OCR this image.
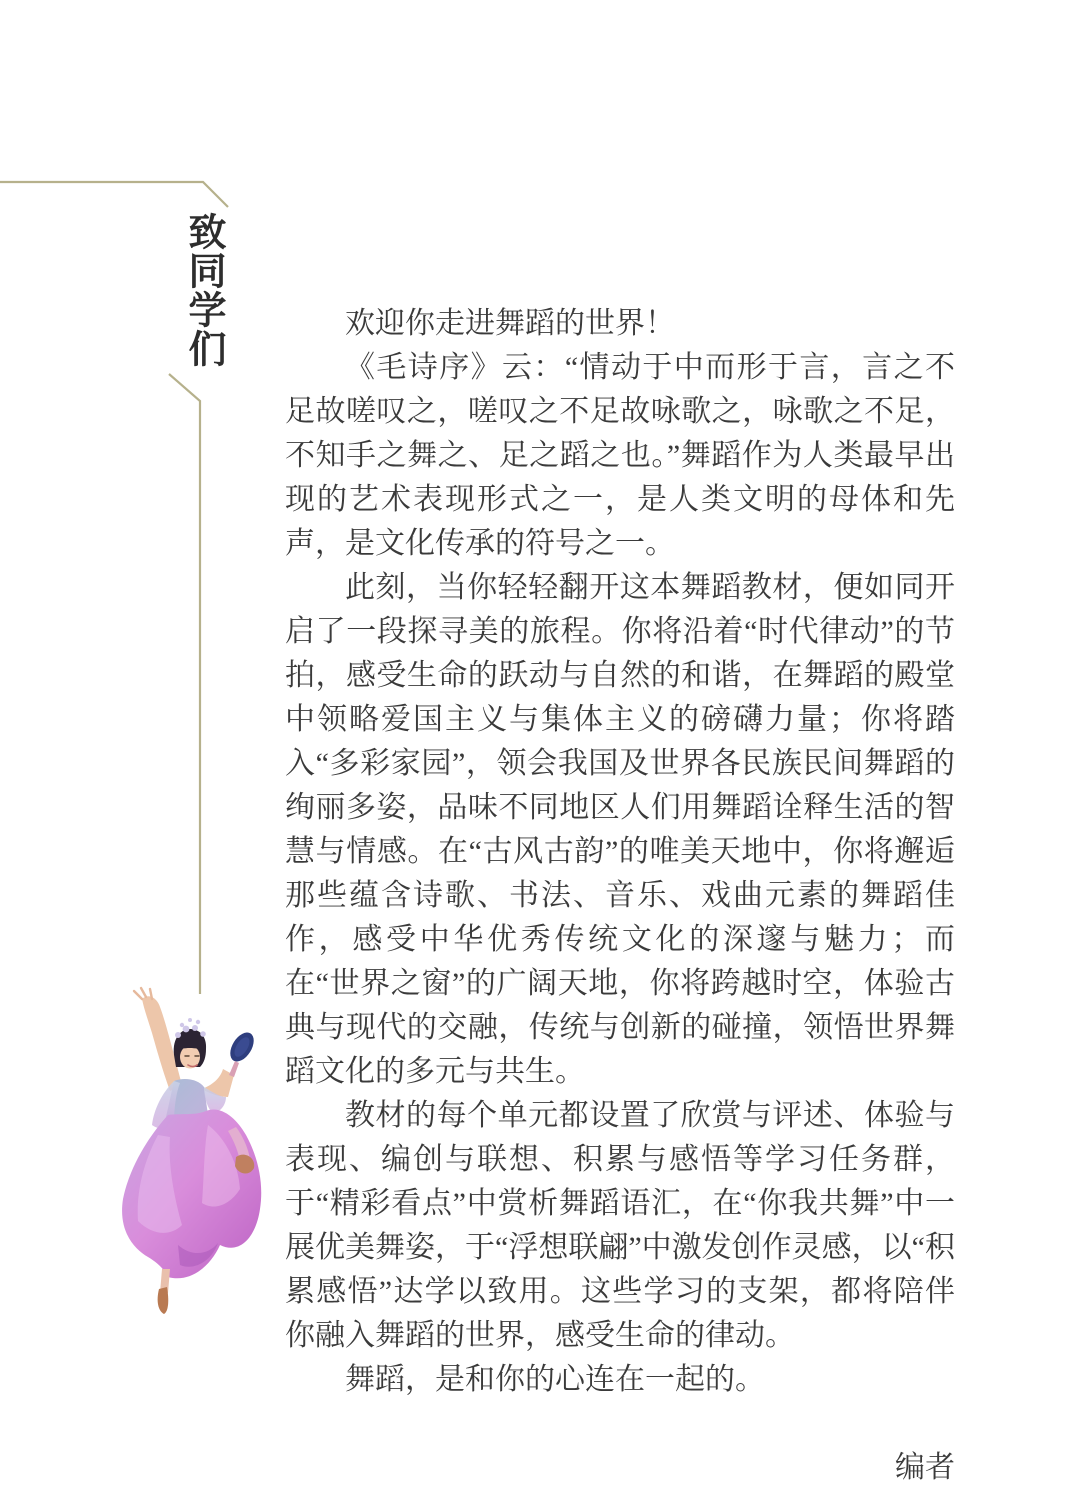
致同学们	欢迎你走进舞蹈的世界！

《毛诗序》云：“情动于中而形于言，言之不足故嗟叹之，嗟叹之不足故咏歌之，咏歌之不足，不知手之舞之、足之蹈之也。”舞蹈作为人类最早出现的艺术表现形式之一，是人类文明的母体和先声，是文化传承的符号之一。

此刻，当你轻轻翻开这本舞蹈教材，便如同开启了一段探寻美的旅程。你将沿着“时代律动”的节拍，感受生命的跃动与自然的和谐，在舞蹈的殿堂中领略爱国主义与集体主义的磅礴力量；你将踏入“多彩家园”，领会我国及世界各民族民间舞蹈的绚丽多姿，品味不同地区人们用舞蹈诠释生活的智慧与情感。在“古风古韵”的唯美天地中，你将邂逅那些蕴含诗歌、书法、音乐、戏曲元素的舞蹈佳作，感受中华优秀传统文化的深邃与魅力；而在“世界之窗”的广阔天地，你将跨越时空，体验古典与现代的交融，传统与创新的碰撞，领悟世界舞蹈文化的多元与共生。

教材的每个单元都设置了欣赏与评述、体验与表现、编创与联想、积累与感悟等学习任务群，于“精彩看点”中赏析舞蹈语汇，在“你我共舞”中一展优美舞姿，于“浮想联翩”中激发创作灵感，以“积累感悟”达学以致用。这些学习的支架，都将陪伴你融入舞蹈的世界，感受生命的律动。

舞蹈，是和你的心连在一起的。

编者
